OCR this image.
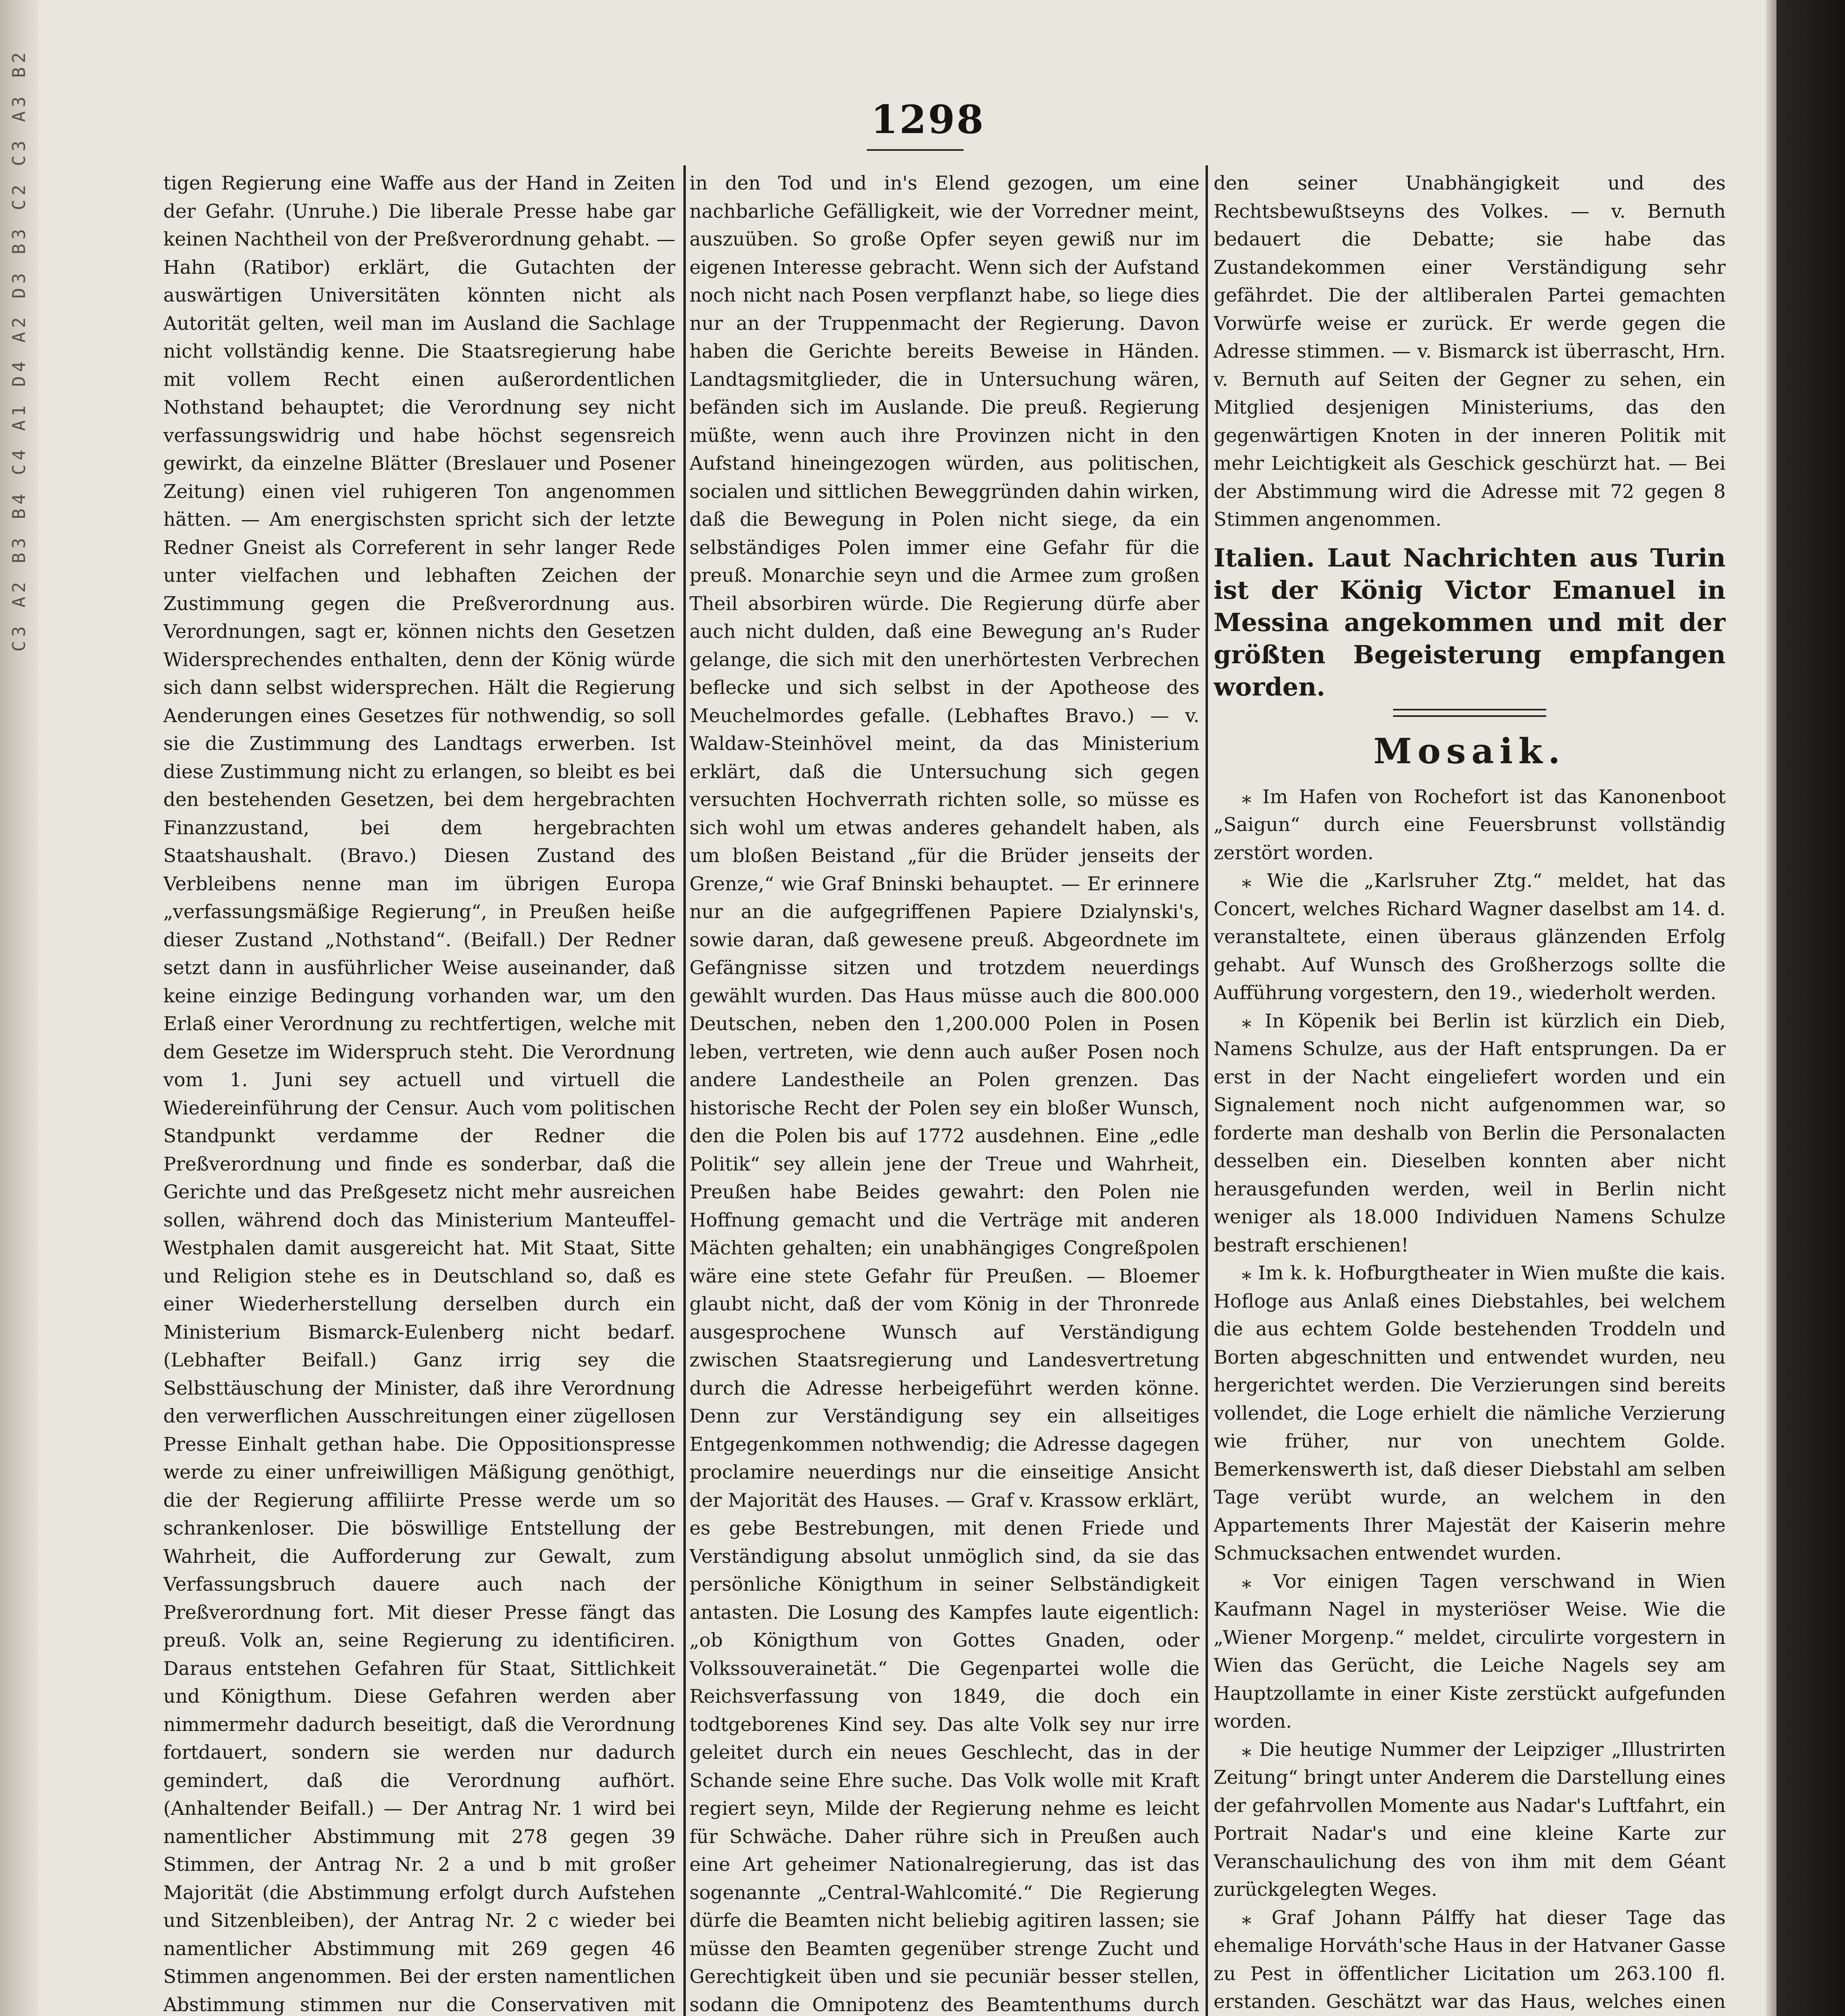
C3 A2 B3 B4 C4 A1 D4 A2 D3 B3 C2 C3 A3 B2	1298

tigen Regierung eine Waffe aus der Hand in Zeiten der Gefahr. (Unruhe.) Die liberale Presse habe gar keinen Nachtheil von der Preßverordnung gehabt. — Hahn (Ratibor) erklärt, die Gutachten der auswärtigen Universitäten könnten nicht als Autorität gelten, weil man im Ausland die Sachlage nicht vollständig kenne. Die Staatsregierung habe mit vollem Recht einen außerordentlichen Nothstand behauptet; die Verordnung sey nicht verfassungswidrig und habe höchst segensreich gewirkt, da einzelne Blätter (Breslauer und Posener Zeitung) einen viel ruhigeren Ton angenommen hätten. — Am energischsten spricht sich der letzte Redner Gneist als Correferent in sehr langer Rede unter vielfachen und lebhaften Zeichen der Zustimmung gegen die Preßverordnung aus. Verordnungen, sagt er, können nichts den Gesetzen Widersprechendes enthalten, denn der König würde sich dann selbst widersprechen. Hält die Regierung Aenderungen eines Gesetzes für nothwendig, so soll sie die Zustimmung des Landtags erwerben. Ist diese Zustimmung nicht zu erlangen, so bleibt es bei den bestehenden Gesetzen, bei dem hergebrachten Finanzzustand, bei dem hergebrachten Staatshaushalt. (Bravo.) Diesen Zustand des Verbleibens nenne man im übrigen Europa „verfassungsmäßige Regierung“, in Preußen heiße dieser Zustand „Nothstand“. (Beifall.) Der Redner setzt dann in ausführlicher Weise auseinander, daß keine einzige Bedingung vorhanden war, um den Erlaß einer Verordnung zu rechtfertigen, welche mit dem Gesetze im Widerspruch steht. Die Verordnung vom 1. Juni sey actuell und virtuell die Wiedereinführung der Censur. Auch vom politischen Standpunkt verdamme der Redner die Preßverordnung und finde es sonderbar, daß die Gerichte und das Preßgesetz nicht mehr ausreichen sollen, während doch das Ministerium Manteuffel-Westphalen damit ausgereicht hat. Mit Staat, Sitte und Religion stehe es in Deutschland so, daß es einer Wiederherstellung derselben durch ein Ministerium Bismarck-Eulenberg nicht bedarf. (Lebhafter Beifall.) Ganz irrig sey die Selbsttäuschung der Minister, daß ihre Verordnung den verwerflichen Ausschreitungen einer zügellosen Presse Einhalt gethan habe. Die Oppositionspresse werde zu einer unfreiwilligen Mäßigung genöthigt, die der Regierung affiliirte Presse werde um so schrankenloser. Die böswillige Entstellung der Wahrheit, die Aufforderung zur Gewalt, zum Verfassungsbruch dauere auch nach der Preßverordnung fort. Mit dieser Presse fängt das preuß. Volk an, seine Regierung zu identificiren. Daraus entstehen Gefahren für Staat, Sittlichkeit und Königthum. Diese Gefahren werden aber nimmermehr dadurch beseitigt, daß die Verordnung fortdauert, sondern sie werden nur dadurch gemindert, daß die Verordnung aufhört. (Anhaltender Beifall.) — Der Antrag Nr. 1 wird bei namentlicher Abstimmung mit 278 gegen 39 Stimmen, der Antrag Nr. 2 a und b mit großer Majorität (die Abstimmung erfolgt durch Aufstehen und Sitzenbleiben), der Antrag Nr. 2 c wieder bei namentlicher Abstimmung mit 269 gegen 46 Stimmen angenommen. Bei der ersten namentlichen Abstimmung stimmen nur die Conservativen mit

in den Tod und in's Elend gezogen, um eine nachbarliche Gefälligkeit, wie der Vorredner meint, auszuüben. So große Opfer seyen gewiß nur im eigenen Interesse gebracht. Wenn sich der Aufstand noch nicht nach Posen verpflanzt habe, so liege dies nur an der Truppenmacht der Regierung. Davon haben die Gerichte bereits Beweise in Händen. Landtagsmitglieder, die in Untersuchung wären, befänden sich im Auslande. Die preuß. Regierung müßte, wenn auch ihre Provinzen nicht in den Aufstand hineingezogen würden, aus politischen, socialen und sittlichen Beweggründen dahin wirken, daß die Bewegung in Polen nicht siege, da ein selbständiges Polen immer eine Gefahr für die preuß. Monarchie seyn und die Armee zum großen Theil absorbiren würde. Die Regierung dürfe aber auch nicht dulden, daß eine Bewegung an's Ruder gelange, die sich mit den unerhörtesten Verbrechen beflecke und sich selbst in der Apotheose des Meuchelmordes gefalle. (Lebhaftes Bravo.) — v. Waldaw-Steinhövel meint, da das Ministerium erklärt, daß die Untersuchung sich gegen versuchten Hochverrath richten solle, so müsse es sich wohl um etwas anderes gehandelt haben, als um bloßen Beistand „für die Brüder jenseits der Grenze,“ wie Graf Bninski behauptet. — Er erinnere nur an die aufgegriffenen Papiere Dzialynski's, sowie daran, daß gewesene preuß. Abgeordnete im Gefängnisse sitzen und trotzdem neuerdings gewählt wurden. Das Haus müsse auch die 800.000 Deutschen, neben den 1,200.000 Polen in Posen leben, vertreten, wie denn auch außer Posen noch andere Landestheile an Polen grenzen. Das historische Recht der Polen sey ein bloßer Wunsch, den die Polen bis auf 1772 ausdehnen. Eine „edle Politik“ sey allein jene der Treue und Wahrheit, Preußen habe Beides gewahrt: den Polen nie Hoffnung gemacht und die Verträge mit anderen Mächten gehalten; ein unabhängiges Congreßpolen wäre eine stete Gefahr für Preußen. — Bloemer glaubt nicht, daß der vom König in der Thronrede ausgesprochene Wunsch auf Verständigung zwischen Staatsregierung und Landesvertretung durch die Adresse herbeigeführt werden könne. Denn zur Verständigung sey ein allseitiges Entgegenkommen nothwendig; die Adresse dagegen proclamire neuerdings nur die einseitige Ansicht der Majorität des Hauses. — Graf v. Krassow erklärt, es gebe Bestrebungen, mit denen Friede und Verständigung absolut unmöglich sind, da sie das persönliche Königthum in seiner Selbständigkeit antasten. Die Losung des Kampfes laute eigentlich: „ob Königthum von Gottes Gnaden, oder Volkssouverainetät.“ Die Gegenpartei wolle die Reichsverfassung von 1849, die doch ein todtgeborenes Kind sey. Das alte Volk sey nur irre geleitet durch ein neues Geschlecht, das in der Schande seine Ehre suche. Das Volk wolle mit Kraft regiert seyn, Milde der Regierung nehme es leicht für Schwäche. Daher rühre sich in Preußen auch eine Art geheimer Nationalregierung, das ist das sogenannte „Central-Wahlcomité.“ Die Regierung dürfe die Beamten nicht beliebig agitiren lassen; sie müsse den Beamten gegenüber strenge Zucht und Gerechtigkeit üben und sie pecuniär besser stellen, sodann die Omnipotenz des Beamtenthums durch

den seiner Unabhängigkeit und des Rechtsbewußtseyns des Volkes. — v. Bernuth bedauert die Debatte; sie habe das Zustandekommen einer Verständigung sehr gefährdet. Die der altliberalen Partei gemachten Vorwürfe weise er zurück. Er werde gegen die Adresse stimmen. — v. Bismarck ist überrascht, Hrn. v. Bernuth auf Seiten der Gegner zu sehen, ein Mitglied desjenigen Ministeriums, das den gegenwärtigen Knoten in der inneren Politik mit mehr Leichtigkeit als Geschick geschürzt hat. — Bei der Abstimmung wird die Adresse mit 72 gegen 8 Stimmen angenommen.

Italien. Laut Nachrichten aus Turin ist der König Victor Emanuel in Messina angekommen und mit der größten Begeisterung empfangen worden.
Mosaik.

⁎ Im Hafen von Rochefort ist das Kanonenboot „Saigun“ durch eine Feuersbrunst vollständig zerstört worden.

⁎ Wie die „Karlsruher Ztg.“ meldet, hat das Concert, welches Richard Wagner daselbst am 14. d. veranstaltete, einen überaus glänzenden Erfolg gehabt. Auf Wunsch des Großherzogs sollte die Aufführung vorgestern, den 19., wiederholt werden.

⁎ In Köpenik bei Berlin ist kürzlich ein Dieb, Namens Schulze, aus der Haft entsprungen. Da er erst in der Nacht eingeliefert worden und ein Signalement noch nicht aufgenommen war, so forderte man deshalb von Berlin die Personalacten desselben ein. Dieselben konnten aber nicht herausgefunden werden, weil in Berlin nicht weniger als 18.000 Individuen Namens Schulze bestraft erschienen!

⁎ Im k. k. Hofburgtheater in Wien mußte die kais. Hofloge aus Anlaß eines Diebstahles, bei welchem die aus echtem Golde bestehenden Troddeln und Borten abgeschnitten und entwendet wurden, neu hergerichtet werden. Die Verzierungen sind bereits vollendet, die Loge erhielt die nämliche Verzierung wie früher, nur von unechtem Golde. Bemerkenswerth ist, daß dieser Diebstahl am selben Tage verübt wurde, an welchem in den Appartements Ihrer Majestät der Kaiserin mehre Schmucksachen entwendet wurden.

⁎ Vor einigen Tagen verschwand in Wien Kaufmann Nagel in mysteriöser Weise. Wie die „Wiener Morgenp.“ meldet, circulirte vorgestern in Wien das Gerücht, die Leiche Nagels sey am Hauptzollamte in einer Kiste zerstückt aufgefunden worden.

⁎ Die heutige Nummer der Leipziger „Illustrirten Zeitung“ bringt unter Anderem die Darstellung eines der gefahrvollen Momente aus Nadar's Luftfahrt, ein Portrait Nadar's und eine kleine Karte zur Veranschaulichung des von ihm mit dem Géant zurückgelegten Weges.

⁎ Graf Johann Pálffy hat dieser Tage das ehemalige Horváth'sche Haus in der Hatvaner Gasse zu Pest in öffentlicher Licitation um 263.100 fl. erstanden. Geschätzt war das Haus, welches einen
